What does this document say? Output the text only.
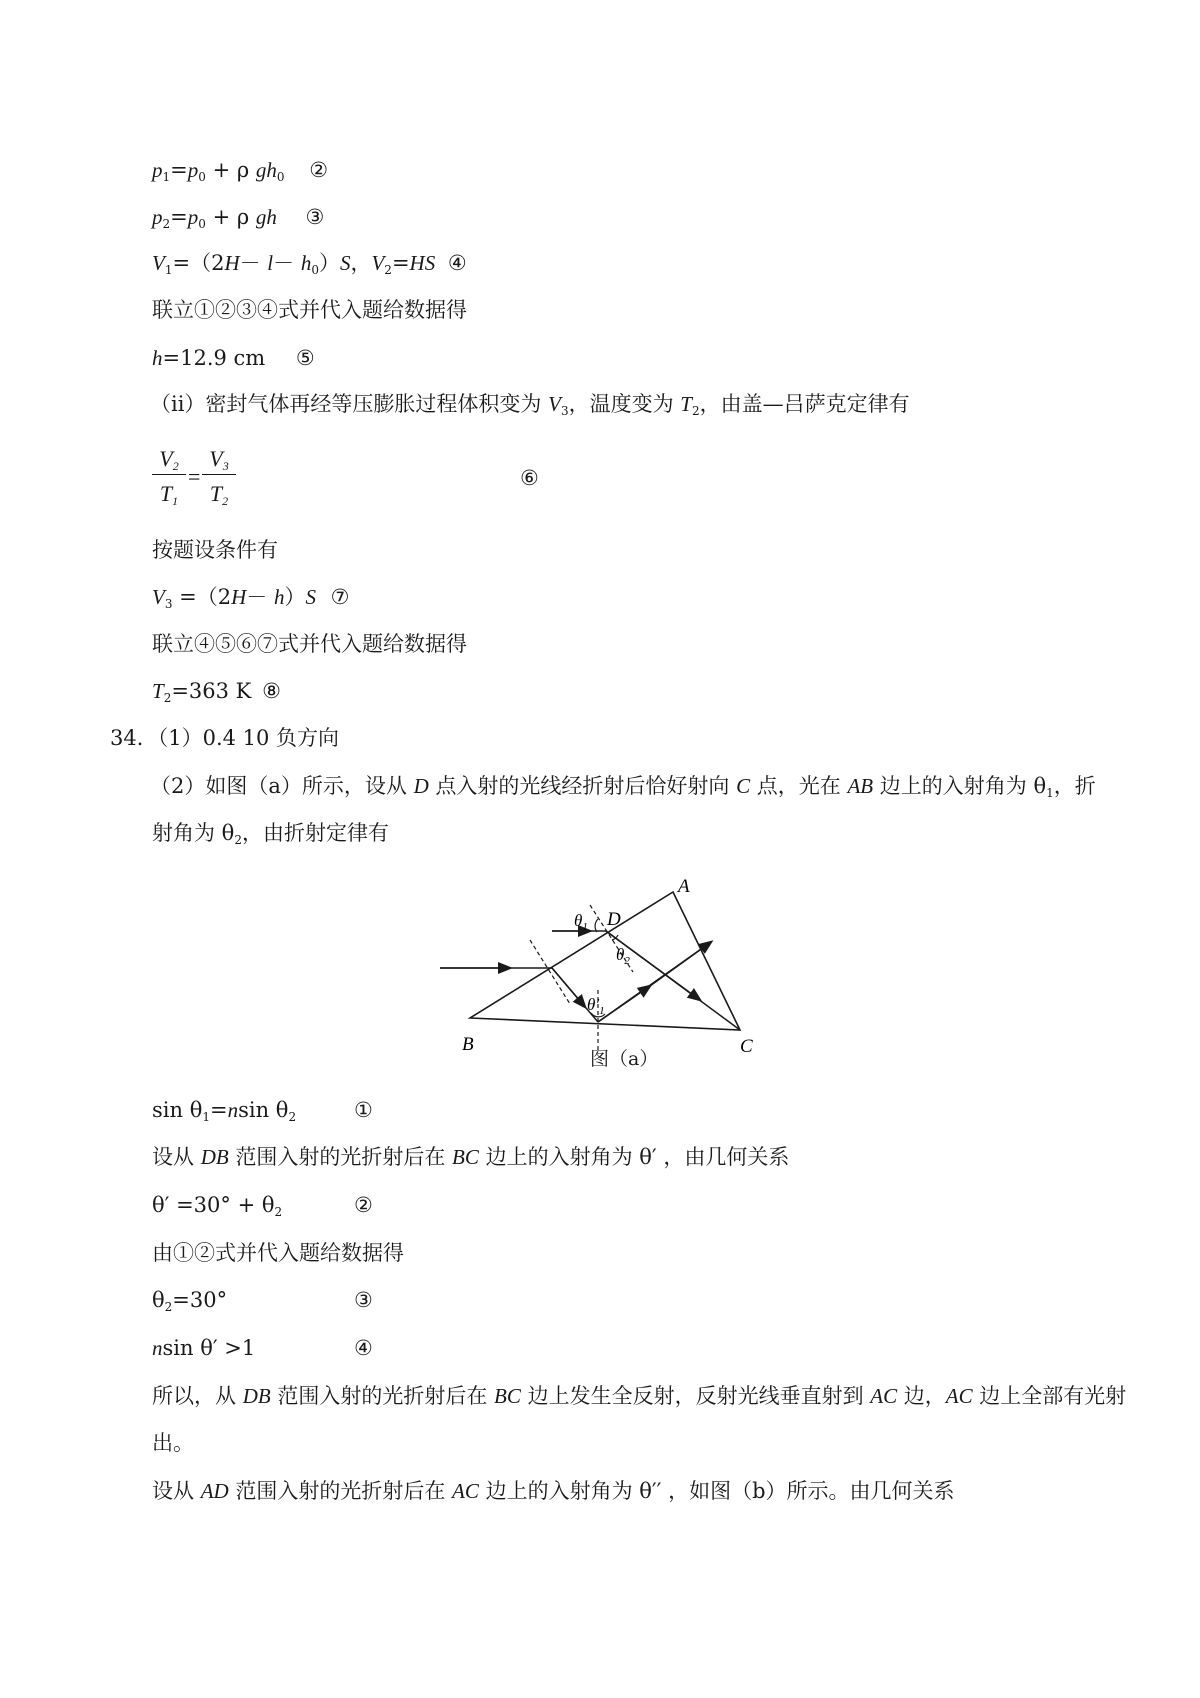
$p_1=p_0 + \rho$ $gh_0$ ②
$p_2=p_0 + \rho$ gh ③
$V_1=(2H- l- h_0)S$，$V_2=HS$ ④
联立①②③④式并代入题给数据得
h=12.9 cm ⑤
（ii）密封气体再经等压膨胀过程体积变为 $V_3$，温度变为 $T_2$，由盖—吕萨克定律有
$V_2$
$T_1$
=
$V_3$
$T_2$
⑥
按题设条件有
$V_3 =(2H- h)S$ ⑦
联立④⑤⑥⑦式并代入题给数据得
$T_2=363$ K ⑧
34．（1）0.4 10 负方向
（2）如图（a）所示，设从 D 点入射的光线经折射后恰好射向 C 点，光在 AB 边上的入射角为 $\theta_1$，折
射角为 $\theta_2$，由折射定律有
A
B	C
D
$\theta_1$
$\theta_2$
$\theta'_1$
图（a）
$\sin \theta_1=nsin$ $\theta_2$	①
设从 DB 范围入射的光折射后在 BC 边上的入射角为 θ′ ，由几何关系
$\theta' =30^\circ + \theta_2$	②
由①②式并代入题给数据得
$\theta_2=30^\circ$	③
nsin θ′ >1	④
所以，从 DB 范围入射的光折射后在 BC 边上发生全反射，反射光线垂直射到 AC 边，AC 边上全部有光射
出。
设从 AD 范围入射的光折射后在 AC 边上的入射角为 θ′′ ，如图（b）所示。由几何关系
